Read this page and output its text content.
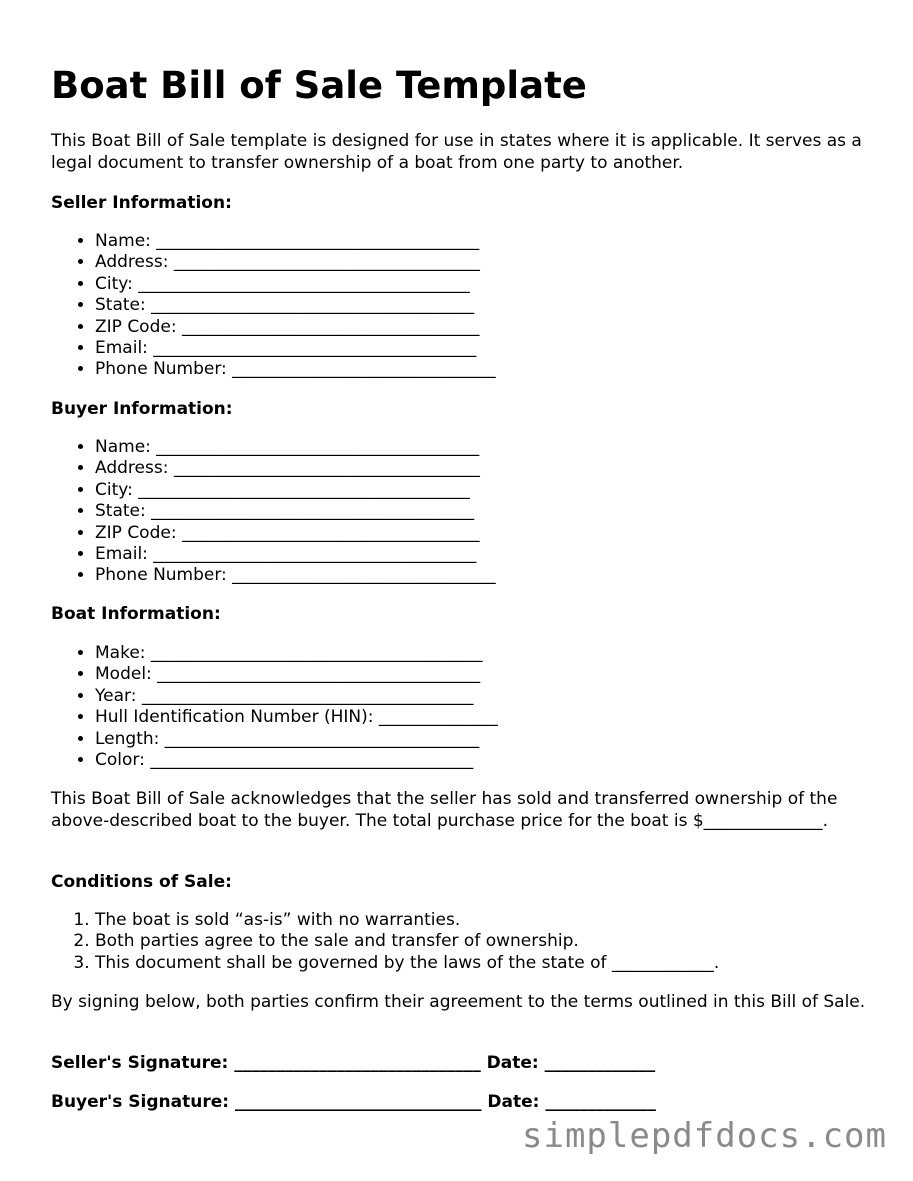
Boat Bill of Sale Template

This Boat Bill of Sale template is designed for use in states where it is applicable. It serves as a legal document to transfer ownership of a boat from one party to another.

Seller Information:
• Name: ______________________________________
• Address: ____________________________________
• City: _______________________________________
• State: ______________________________________
• ZIP Code: ___________________________________
• Email: ______________________________________
• Phone Number: _______________________________
Buyer Information:
• Name: ______________________________________
• Address: ____________________________________
• City: _______________________________________
• State: ______________________________________
• ZIP Code: ___________________________________
• Email: ______________________________________
• Phone Number: _______________________________
Boat Information:
• Make: _______________________________________
• Model: ______________________________________
• Year: _______________________________________
• Hull Identification Number (HIN): ______________
• Length: _____________________________________
• Color: ______________________________________

This Boat Bill of Sale acknowledges that the seller has sold and transferred ownership of the above-described boat to the buyer. The total purchase price for the boat is $______________.

Conditions of Sale:
1. The boat is sold “as-is” with no warranties.
2. Both parties agree to the sale and transfer of ownership.
3. This document shall be governed by the laws of the state of ____________.

By signing below, both parties confirm their agreement to the terms outlined in this Bill of Sale.

Seller's Signature: _____________________________ Date: _____________
Buyer's Signature: _____________________________ Date: _____________
simplepdfdocs.com
